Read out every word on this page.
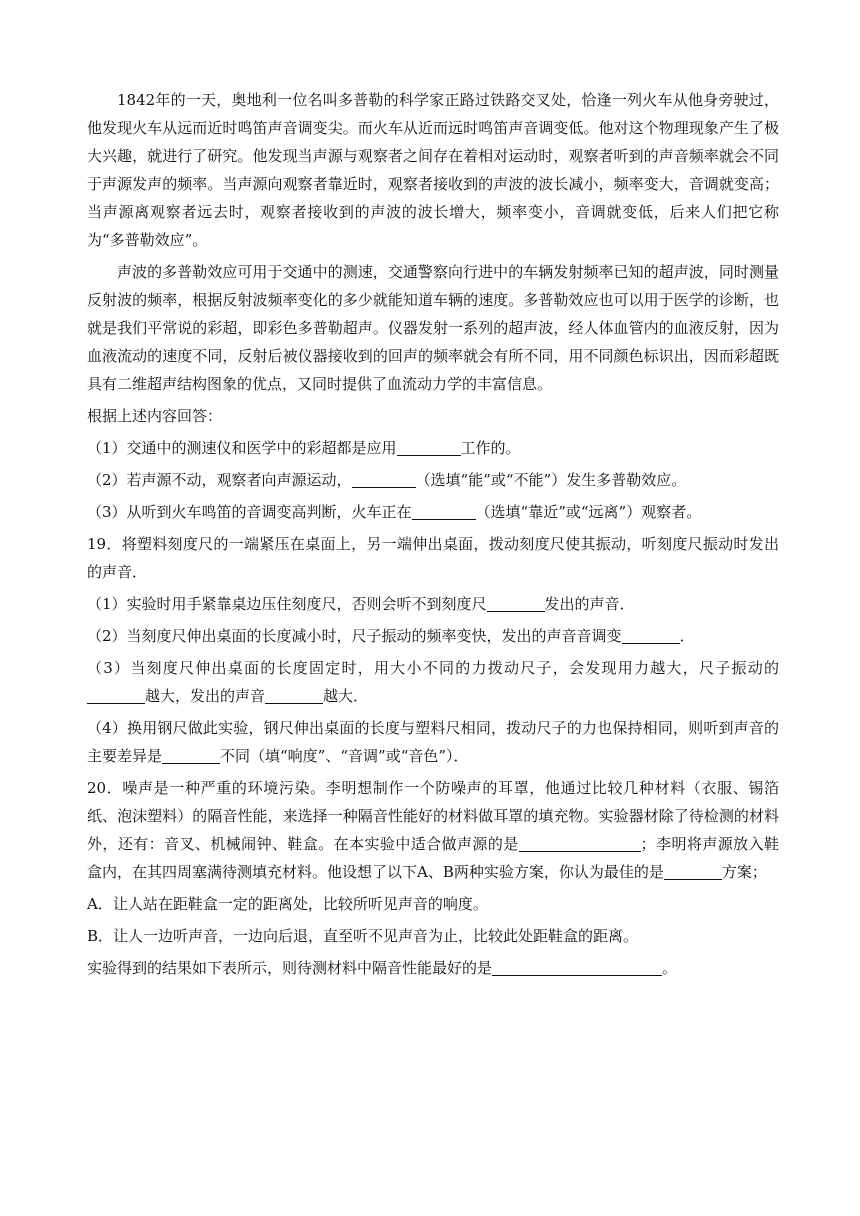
1842年的一天，奥地利一位名叫多普勒的科学家正路过铁路交叉处，恰逢一列火车从他身旁驶过，他发现火车从远而近时鸣笛声音调变尖。而火车从近而远时鸣笛声音调变低。他对这个物理现象产生了极大兴趣，就进行了研究。他发现当声源与观察者之间存在着相对运动时，观察者听到的声音频率就会不同于声源发声的频率。当声源向观察者靠近时，观察者接收到的声波的波长减小，频率变大，音调就变高；当声源离观察者远去时，观察者接收到的声波的波长增大，频率变小，音调就变低，后来人们把它称为“多普勒效应”。

声波的多普勒效应可用于交通中的测速，交通警察向行进中的车辆发射频率已知的超声波，同时测量反射波的频率，根据反射波频率变化的多少就能知道车辆的速度。多普勒效应也可以用于医学的诊断，也就是我们平常说的彩超，即彩色多普勒超声。仪器发射一系列的超声波，经人体血管内的血液反射，因为血液流动的速度不同，反射后被仪器接收到的回声的频率就会有所不同，用不同颜色标识出，因而彩超既具有二维超声结构图象的优点，又同时提供了血流动力学的丰富信息。

根据上述内容回答：

（1）交通中的测速仪和医学中的彩超都是应用	工作的。

（2）若声源不动，观察者向声源运动，	（选填“能”或“不能”）发生多普勒效应。

（3）从听到火车鸣笛的音调变高判断，火车正在	（选填“靠近”或“远离”）观察者。

19．将塑料刻度尺的一端紧压在桌面上，另一端伸出桌面，拨动刻度尺使其振动，听刻度尺振动时发出的声音．

（1）实验时用手紧靠桌边压住刻度尺，否则会听不到刻度尺	发出的声音．

（2）当刻度尺伸出桌面的长度减小时，尺子振动的频率变快，发出的声音音调变	．

（3）当刻度尺伸出桌面的长度固定时，用大小不同的力拨动尺子，会发现用力越大，尺子振动的越大，发出的声音	越大．

（4）换用钢尺做此实验，钢尺伸出桌面的长度与塑料尺相同，拨动尺子的力也保持相同，则听到声音的主要差异是	不同（填“响度”、“音调”或“音色”）．

20．噪声是一种严重的环境污染。李明想制作一个防噪声的耳罩，他通过比较几种材料（衣服、锡箔纸、泡沫塑料）的隔音性能，来选择一种隔音性能好的材料做耳罩的填充物。实验器材除了待检测的材料外，还有：音叉、机械闹钟、鞋盒。在本实验中适合做声源的是	；李明将声源放入鞋盒内，在其四周塞满待测填充材料。他设想了以下A、B两种实验方案，你认为最佳的是	方案；

A．让人站在距鞋盒一定的距离处，比较所听见声音的响度。

B．让人一边听声音，一边向后退，直至听不见声音为止，比较此处距鞋盒的距离。

实验得到的结果如下表所示，则待测材料中隔音性能最好的是	。
